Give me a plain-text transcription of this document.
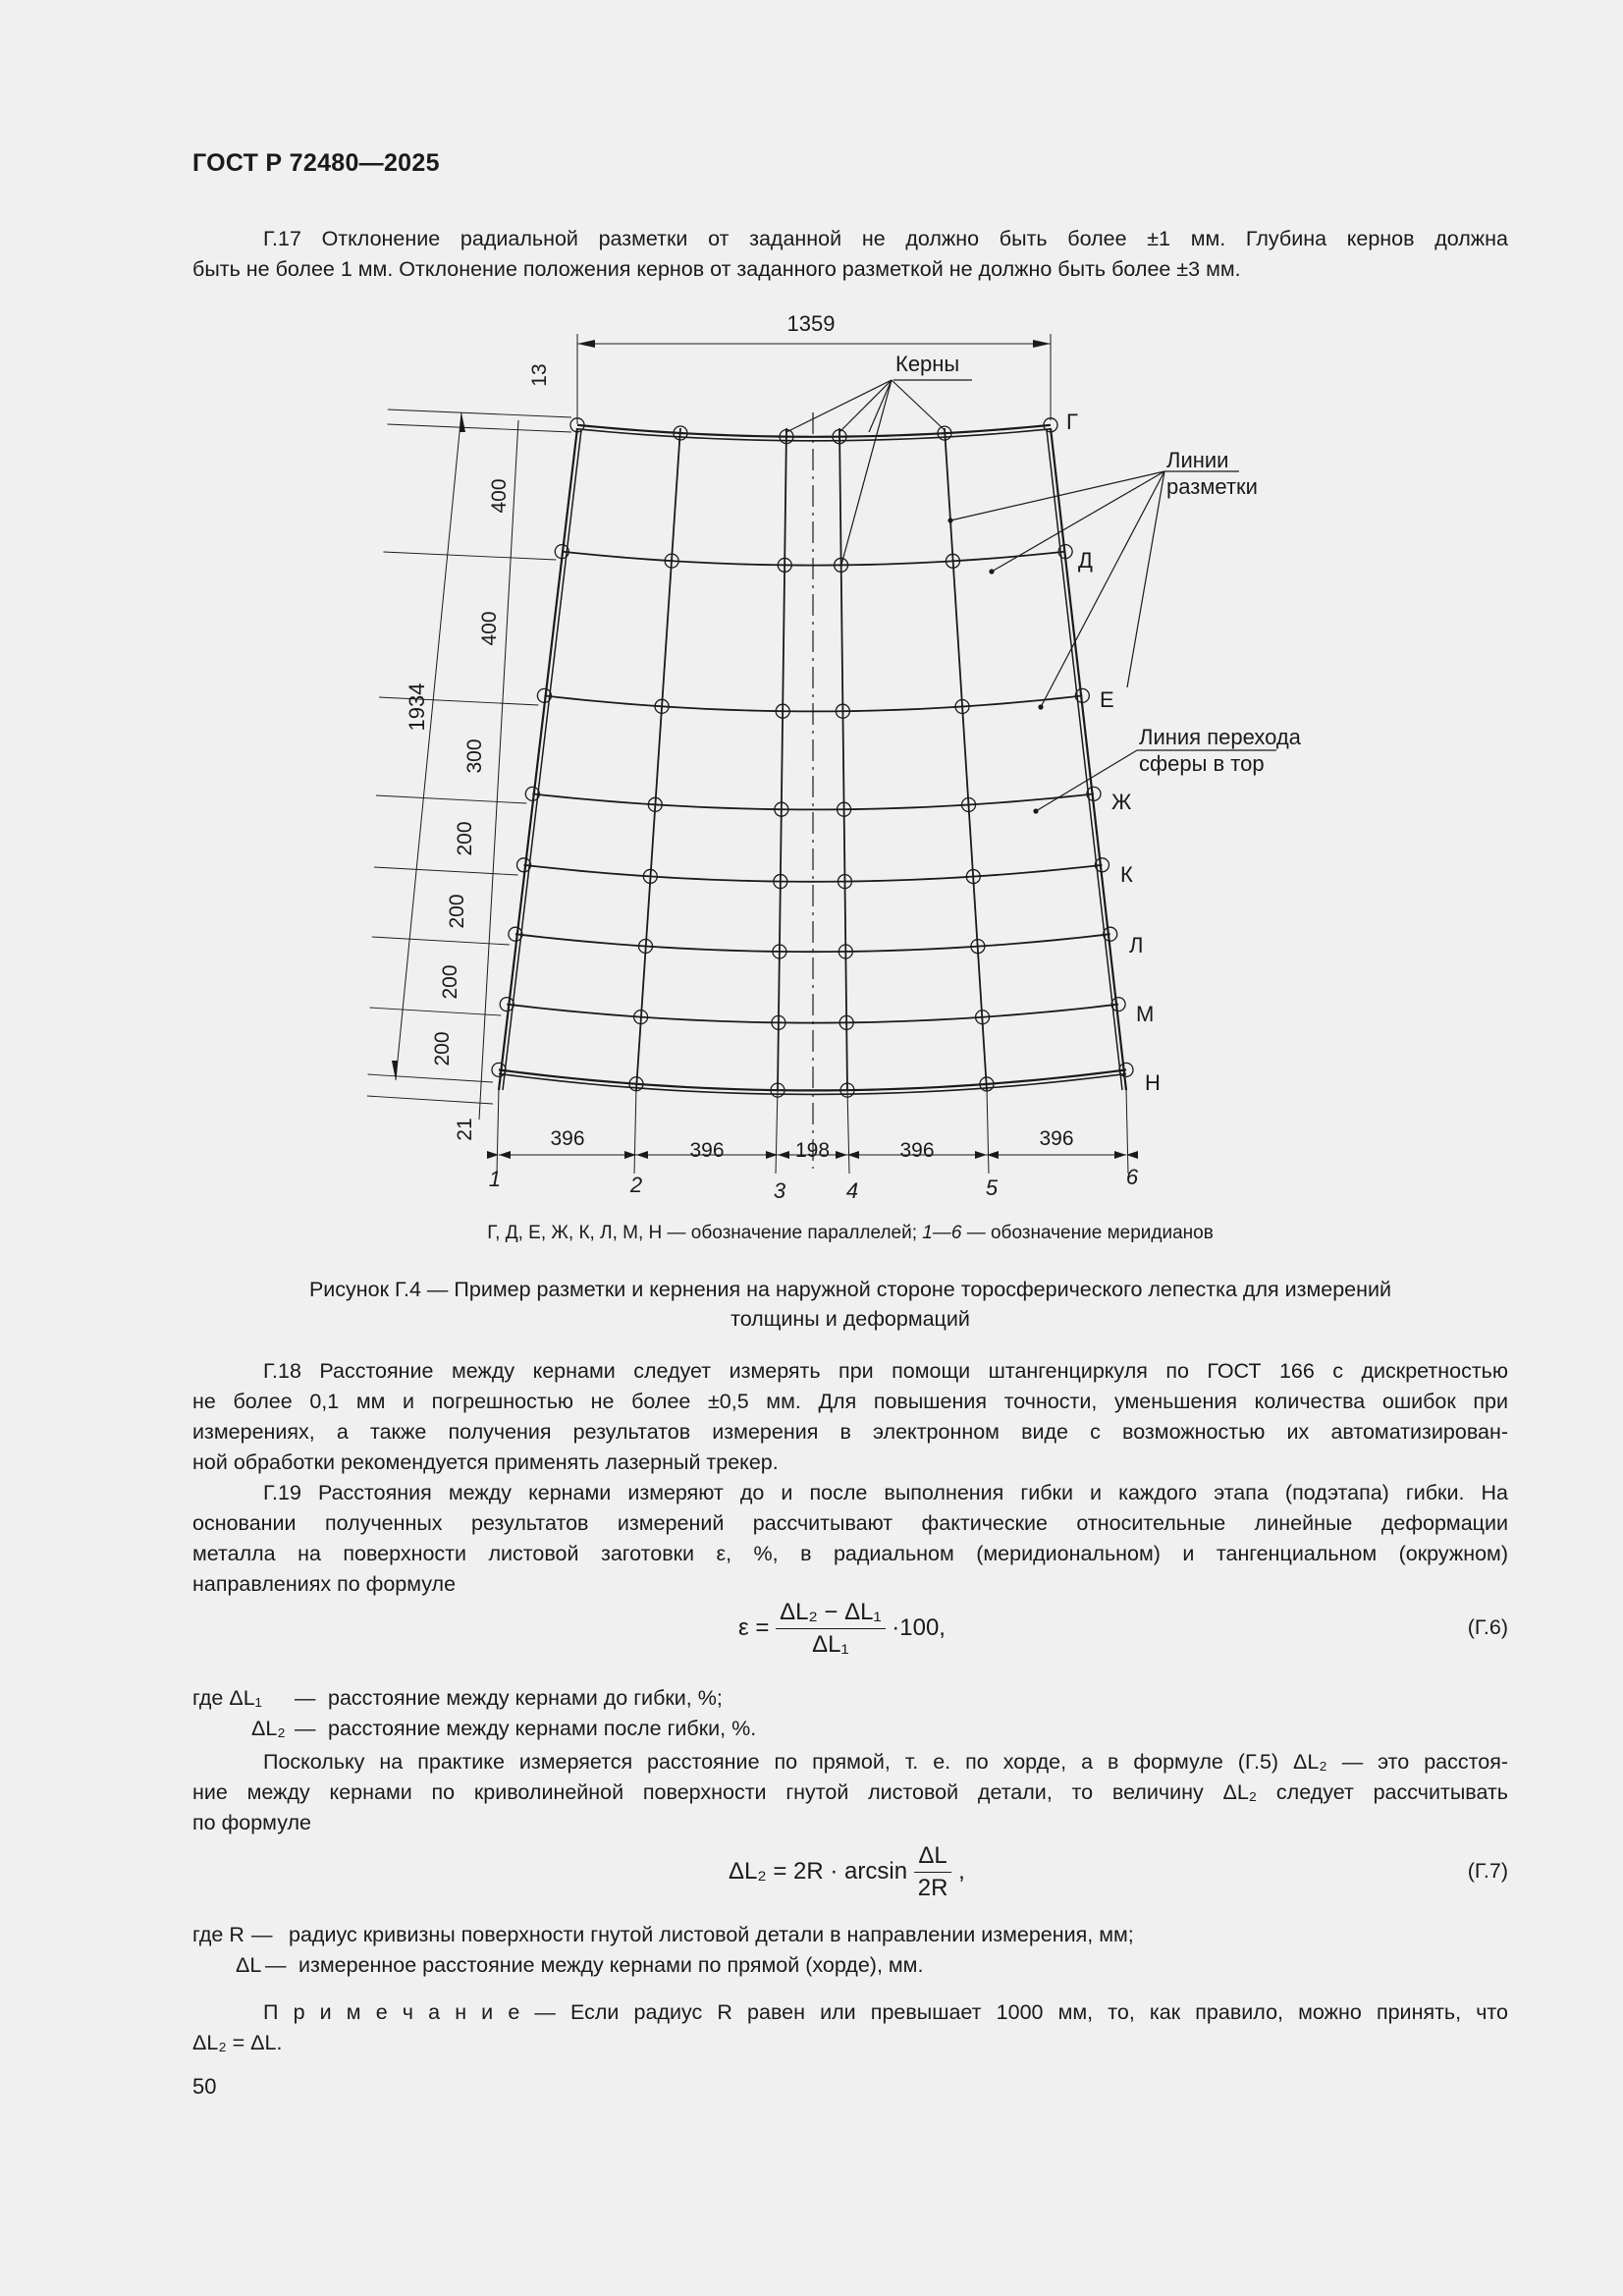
ГОСТ Р 72480—2025
Г.17 Отклонение радиальной разметки от заданной не должно быть более ±1 мм. Глубина кернов должна
быть не более 1 мм. Отклонение положения кернов от заданного разметкой не должно быть более ±3 мм.
1359
Керны
Линии
разметки
Линия перехода
сферы в тор
Г
Д
Е
Ж
К
Л
М
Н
1934
13
400
400
300
200
200
200
200
21	396
396	198	396
396
1	2	3	4	5	6
Г, Д, Е, Ж, К, Л, М, Н — обозначение параллелей; 1—6 — обозначение меридианов
Рисунок Г.4 — Пример разметки и кернения на наружной стороне торосферического лепестка для измерений
толщины и деформаций
Г.18 Расстояние между кернами следует измерять при помощи штангенциркуля по ГОСТ 166 с дискретностью
не более 0,1 мм и погрешностью не более ±0,5 мм. Для повышения точности, уменьшения количества ошибок при
измерениях, а также получения результатов измерения в электронном виде с возможностью их автоматизирован-
ной обработки рекомендуется применять лазерный трекер.
Г.19 Расстояния между кернами измеряют до и после выполнения гибки и каждого этапа (подэтапа) гибки. На
основании полученных результатов измерений рассчитывают фактические относительные линейные деформации
металла на поверхности листовой заготовки ε, %, в радиальном (меридиональном) и тангенциальном (окружном)
направлениях по формуле
$\varepsilon = \frac{\text{ΔL₂ − ΔL₁}}{\text{ΔL₁}} \cdot 100$,	(Г.6)
где ΔL₁ — расстояние между кернами до гибки, %;
ΔL₂ — расстояние между кернами после гибки, %.
Поскольку на практике измеряется расстояние по прямой, т. е. по хорде, а в формуле (Г.5) ΔL₂ — это расстоя-
ние между кернами по криволинейной поверхности гнутой листовой детали, то величину ΔL₂ следует рассчитывать
по формуле
$\Delta L_2 = 2R \cdot \arcsin \frac{\Delta L}{2R}$ ,	(Г.7)
где R — радиус кривизны поверхности гнутой листовой детали в направлении измерения, мм;
ΔL — измеренное расстояние между кернами по прямой (хорде), мм.
П р и м е ч а н и е — Если радиус R равен или превышает 1000 мм, то, как правило, можно принять, что
ΔL₂ = ΔL.
50
